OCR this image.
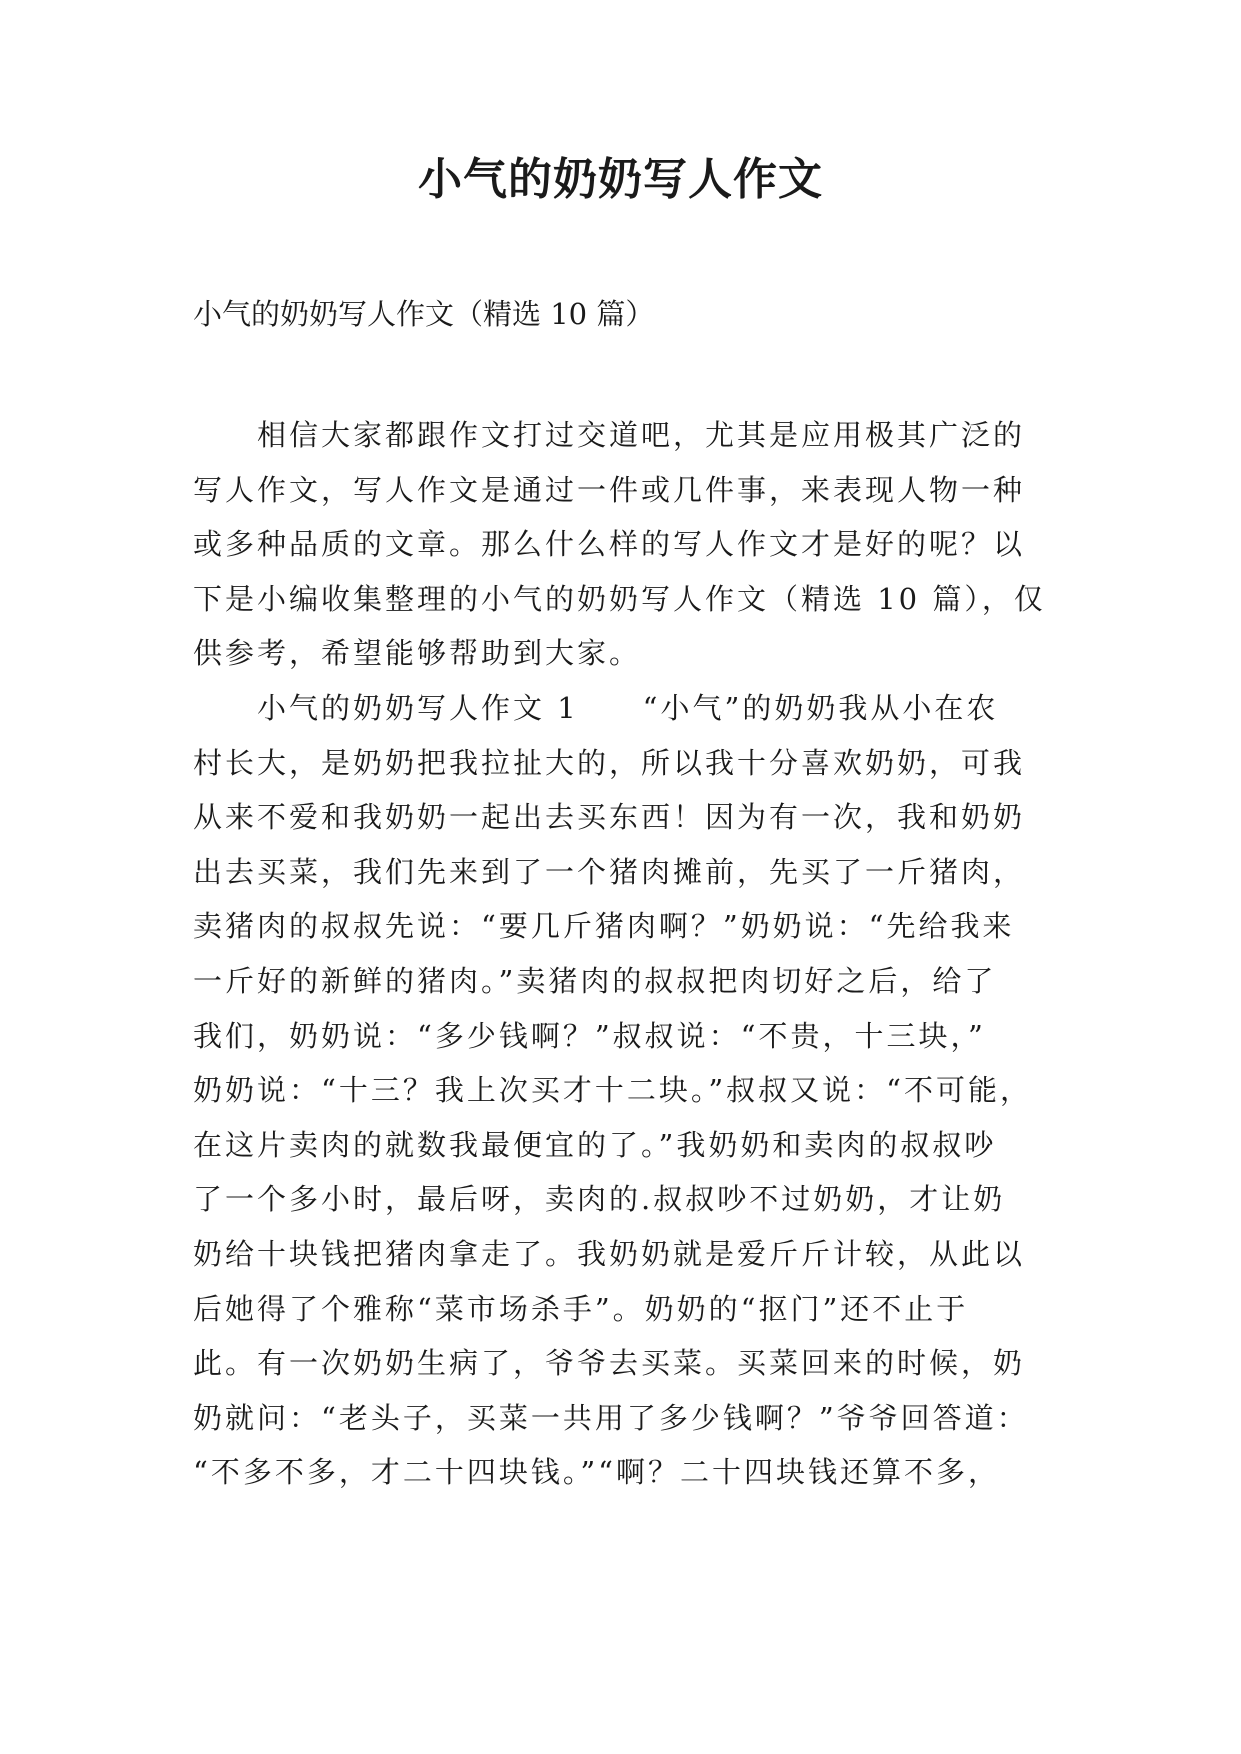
小气的奶奶写人作文

小气的奶奶写人作文（精选 10 篇）

相信大家都跟作文打过交道吧，尤其是应用极其广泛的
写人作文，写人作文是通过一件或几件事，来表现人物一种
或多种品质的文章。那么什么样的写人作文才是好的呢？以
下是小编收集整理的小气的奶奶写人作文（精选 10 篇），仅
供参考，希望能够帮助到大家。
小气的奶奶写人作文 1　　“小气”的奶奶我从小在农
村长大，是奶奶把我拉扯大的，所以我十分喜欢奶奶，可我
从来不爱和我奶奶一起出去买东西！因为有一次，我和奶奶
出去买菜，我们先来到了一个猪肉摊前，先买了一斤猪肉，
卖猪肉的叔叔先说：“要几斤猪肉啊？”奶奶说：“先给我来
一斤好的新鲜的猪肉。”卖猪肉的叔叔把肉切好之后，给了
我们，奶奶说：“多少钱啊？”叔叔说：“不贵，十三块，”
奶奶说：“十三？我上次买才十二块。”叔叔又说：“不可能，
在这片卖肉的就数我最便宜的了。”我奶奶和卖肉的叔叔吵
了一个多小时，最后呀，卖肉的.叔叔吵不过奶奶，才让奶
奶给十块钱把猪肉拿走了。我奶奶就是爱斤斤计较，从此以
后她得了个雅称“菜市场杀手”。奶奶的“抠门”还不止于
此。有一次奶奶生病了，爷爷去买菜。买菜回来的时候，奶
奶就问：“老头子，买菜一共用了多少钱啊？”爷爷回答道：
“不多不多，才二十四块钱。”“啊？二十四块钱还算不多，
